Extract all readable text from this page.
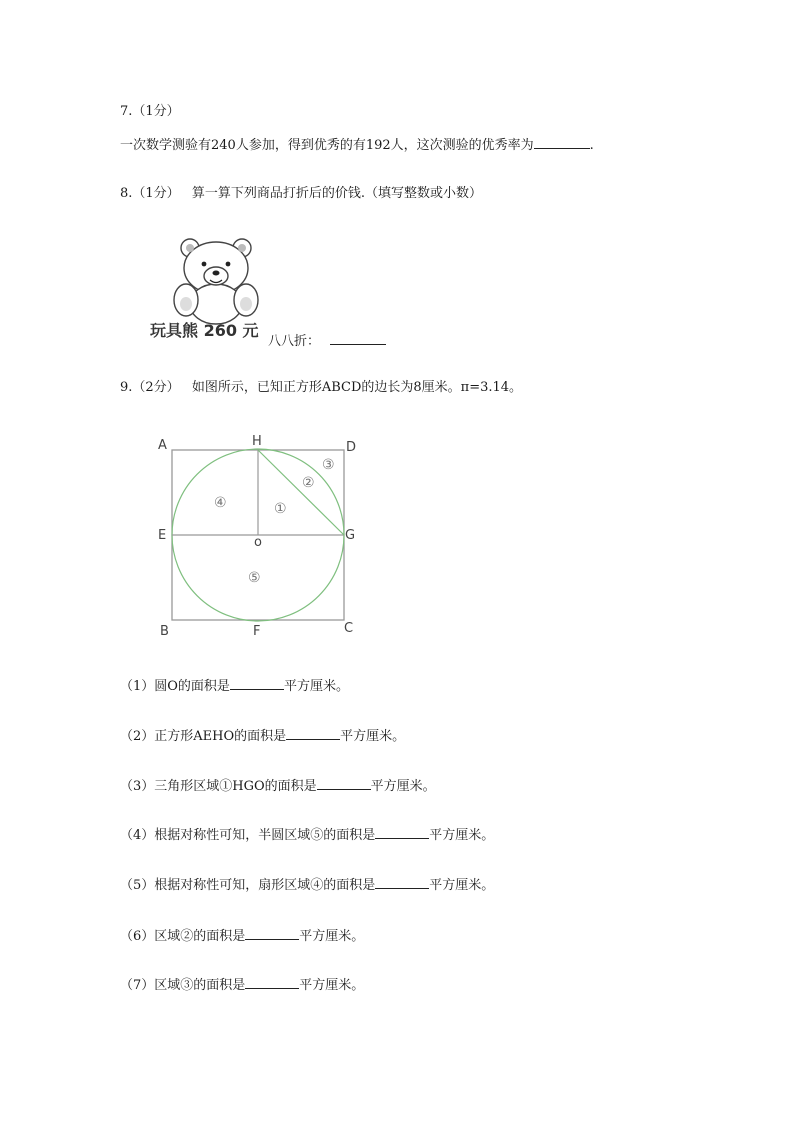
7.（1分）
一次数学测验有240人参加，得到优秀的有192人，这次测验的优秀率为	.
8.（1分） 算一算下列商品打折后的价钱.（填写整数或小数）
玩具熊 260 元
八八折：
9.（2分） 如图所示，已知正方形ABCD的边长为8厘米。π=3.14。
A	H	D
E	o	G
B	F	C
①
②
③
④
⑤
（1）圆O的面积是	平方厘米。
（2）正方形AEHO的面积是	平方厘米。
（3）三角形区域①HGO的面积是	平方厘米。
（4）根据对称性可知，半圆区域⑤的面积是	平方厘米。
（5）根据对称性可知，扇形区域④的面积是	平方厘米。
（6）区域②的面积是	平方厘米。
（7）区域③的面积是	平方厘米。
